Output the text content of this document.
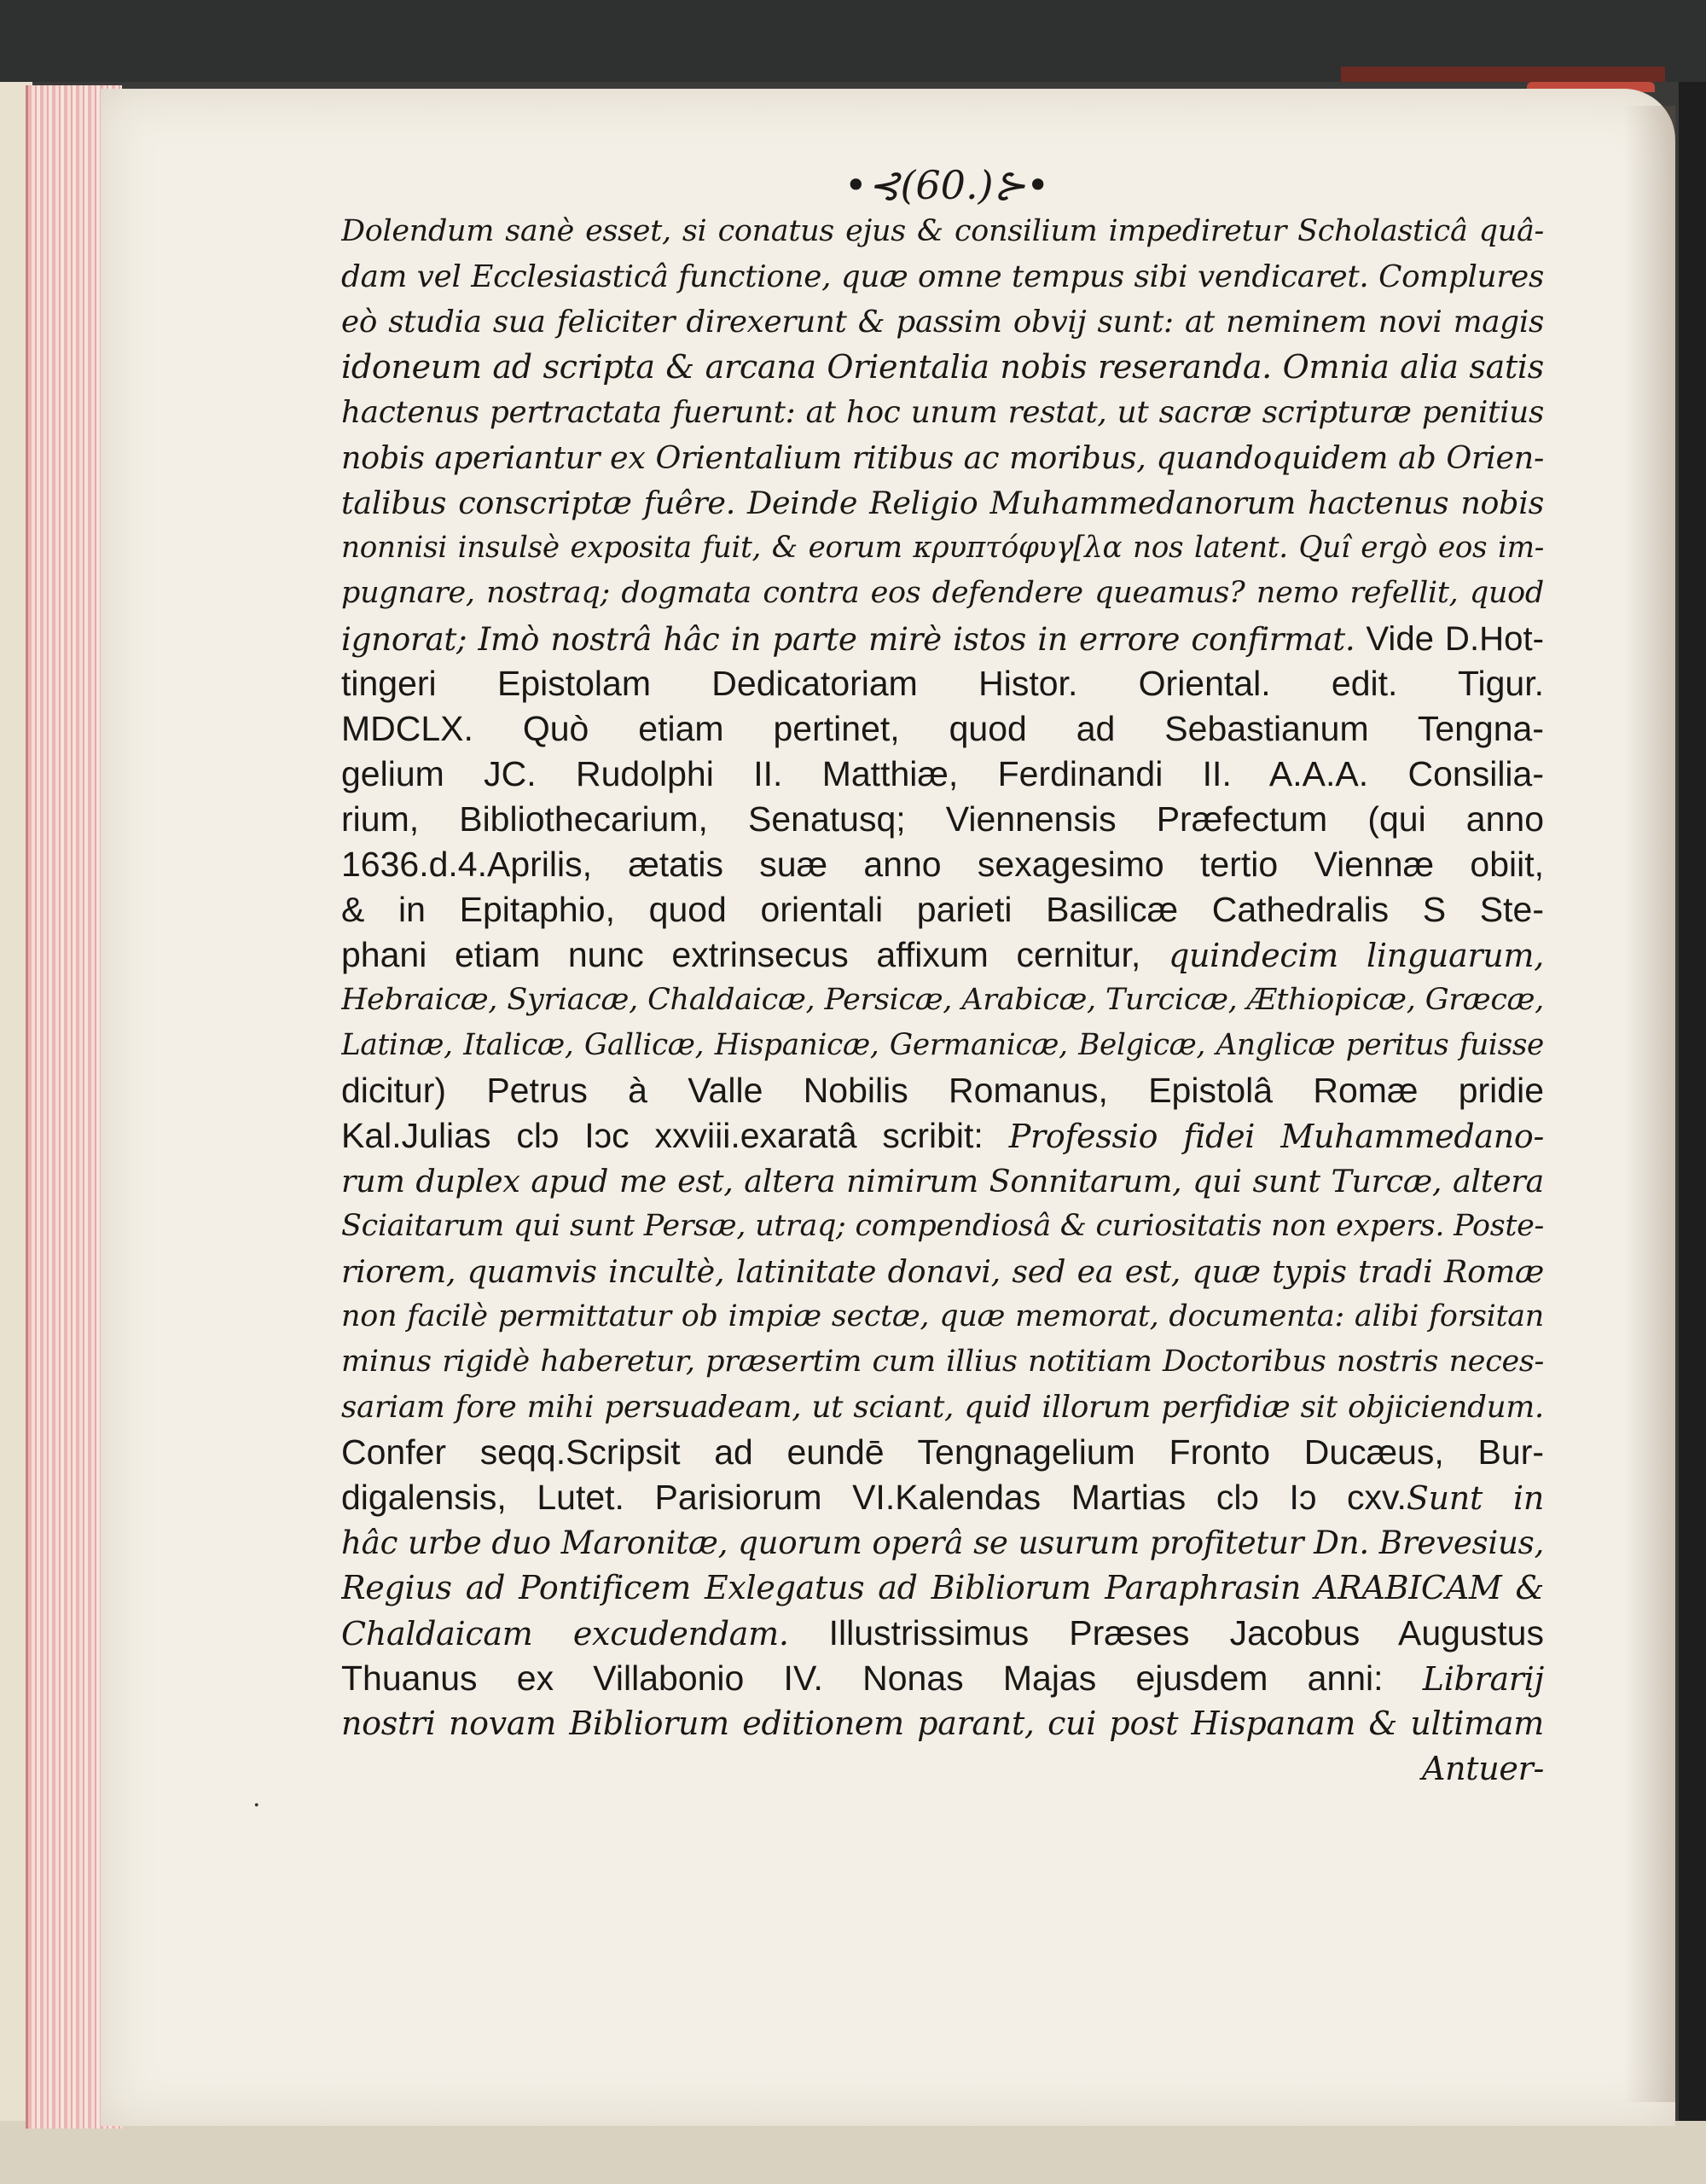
•⊰(60.)⊱•
Dolendum sanè esset, si conatus ejus & consilium impediretur Scholasticâ quâ-
dam vel Ecclesiasticâ functione, quæ omne tempus sibi vendicaret. Complures
eò studia sua feliciter direxerunt & passim obvij sunt: at neminem novi magis
idoneum ad scripta & arcana Orientalia nobis reseranda. Omnia alia satis
hactenus pertractata fuerunt: at hoc unum restat, ut sacræ scripturæ penitius
nobis aperiantur ex Orientalium ritibus ac moribus, quandoquidem ab Orien-
talibus conscriptæ fuêre. Deinde Religio Muhammedanorum hactenus nobis
nonnisi insulsè exposita fuit, & eorum κρυπτόφυγ[λα nos latent. Quî ergò eos im-
pugnare, nostraq; dogmata contra eos defendere queamus? nemo refellit, quod
ignorat; Imò nostrâ hâc in parte mirè istos in errore confirmat. Vide D.Hot-
tingeri Epistolam Dedicatoriam Histor. Oriental. edit. Tigur.
MDCLX. Quò etiam pertinet, quod ad Sebastianum Tengna-
gelium JC. Rudolphi II. Matthiæ, Ferdinandi II. A.A.A. Consilia-
rium, Bibliothecarium, Senatusq; Viennensis Præfectum (qui anno
1636.d.4.Aprilis, ætatis suæ anno sexagesimo tertio Viennæ obiit,
& in Epitaphio, quod orientali parieti Basilicæ Cathedralis S Ste-
phani etiam nunc extrinsecus affixum cernitur, quindecim linguarum,
Hebraicæ, Syriacæ, Chaldaicæ, Persicæ, Arabicæ, Turcicæ, Æthiopicæ, Græcæ,
Latinæ, Italicæ, Gallicæ, Hispanicæ, Germanicæ, Belgicæ, Anglicæ peritus fuisse
dicitur) Petrus à Valle Nobilis Romanus, Epistolâ Romæ pridie
Kal.Julias clↄ Iↄc xxviii.exaratâ scribit: Professio fidei Muhammedano-
rum duplex apud me est, altera nimirum Sonnitarum, qui sunt Turcæ, altera
Sciaitarum qui sunt Persæ, utraq; compendiosâ & curiositatis non expers. Poste-
riorem, quamvis incultè, latinitate donavi, sed ea est, quæ typis tradi Romæ
non facilè permittatur ob impiæ sectæ, quæ memorat, documenta: alibi forsitan
minus rigidè haberetur, præsertim cum illius notitiam Doctoribus nostris neces-
sariam fore mihi persuadeam, ut sciant, quid illorum perfidiæ sit objiciendum.
Confer seqq.Scripsit ad eundē Tengnagelium Fronto Ducæus, Bur-
digalensis, Lutet. Parisiorum VI.Kalendas Martias clↄ Iↄ cxv.Sunt in
hâc urbe duo Maronitæ, quorum operâ se usurum profitetur Dn. Brevesius,
Regius ad Pontificem Exlegatus ad Bibliorum Paraphrasin ARABICAM &
Chaldaicam excudendam. Illustrissimus Præses Jacobus Augustus
Thuanus ex Villabonio IV. Nonas Majas ejusdem anni: Librarij
nostri novam Bibliorum editionem parant, cui post Hispanam & ultimam
Antuer-
.
